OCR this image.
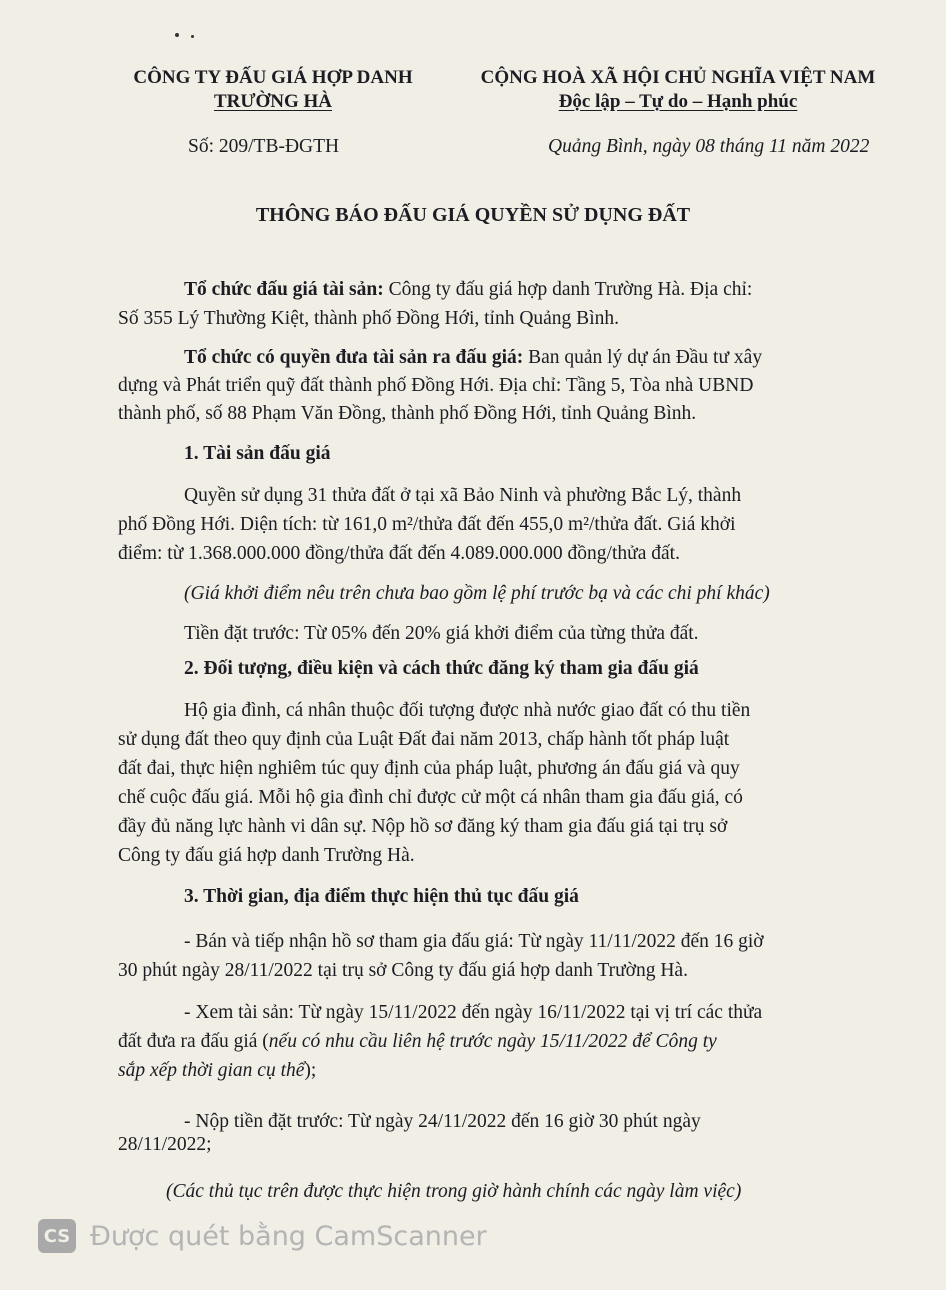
CÔNG TY ĐẤU GIÁ HỢP DANH
TRƯỜNG HÀ
CỘNG HOÀ XÃ HỘI CHỦ NGHĨA VIỆT NAM
Độc lập – Tự do – Hạnh phúc
Số: 209/TB-ĐGTH	Quảng Bình, ngày 08 tháng 11 năm 2022
THÔNG BÁO ĐẤU GIÁ QUYỀN SỬ DỤNG ĐẤT
Tổ chức đấu giá tài sản: Công ty đấu giá hợp danh Trường Hà. Địa chỉ:
Số 355 Lý Thường Kiệt, thành phố Đồng Hới, tỉnh Quảng Bình.
Tổ chức có quyền đưa tài sản ra đấu giá: Ban quản lý dự án Đầu tư xây
dựng và Phát triển quỹ đất thành phố Đồng Hới. Địa chỉ: Tầng 5, Tòa nhà UBND
thành phố, số 88 Phạm Văn Đồng, thành phố Đồng Hới, tỉnh Quảng Bình.
1. Tài sản đấu giá
Quyền sử dụng 31 thửa đất ở tại xã Bảo Ninh và phường Bắc Lý, thành
phố Đồng Hới. Diện tích: từ 161,0 m²/thửa đất đến 455,0 m²/thửa đất. Giá khởi
điểm: từ 1.368.000.000 đồng/thửa đất đến 4.089.000.000 đồng/thửa đất.
(Giá khởi điểm nêu trên chưa bao gồm lệ phí trước bạ và các chi phí khác)
Tiền đặt trước: Từ 05% đến 20% giá khởi điểm của từng thửa đất.
2. Đối tượng, điều kiện và cách thức đăng ký tham gia đấu giá
Hộ gia đình, cá nhân thuộc đối tượng được nhà nước giao đất có thu tiền
sử dụng đất theo quy định của Luật Đất đai năm 2013, chấp hành tốt pháp luật
đất đai, thực hiện nghiêm túc quy định của pháp luật, phương án đấu giá và quy
chế cuộc đấu giá. Mỗi hộ gia đình chỉ được cử một cá nhân tham gia đấu giá, có
đầy đủ năng lực hành vi dân sự. Nộp hồ sơ đăng ký tham gia đấu giá tại trụ sở
Công ty đấu giá hợp danh Trường Hà.
3. Thời gian, địa điểm thực hiện thủ tục đấu giá
- Bán và tiếp nhận hồ sơ tham gia đấu giá: Từ ngày 11/11/2022 đến 16 giờ
30 phút ngày 28/11/2022 tại trụ sở Công ty đấu giá hợp danh Trường Hà.
- Xem tài sản: Từ ngày 15/11/2022 đến ngày 16/11/2022 tại vị trí các thửa
đất đưa ra đấu giá (nếu có nhu cầu liên hệ trước ngày 15/11/2022 để Công ty
sắp xếp thời gian cụ thể);
- Nộp tiền đặt trước: Từ ngày 24/11/2022 đến 16 giờ 30 phút ngày
28/11/2022;
(Các thủ tục trên được thực hiện trong giờ hành chính các ngày làm việc)
CS Được quét bằng CamScanner
